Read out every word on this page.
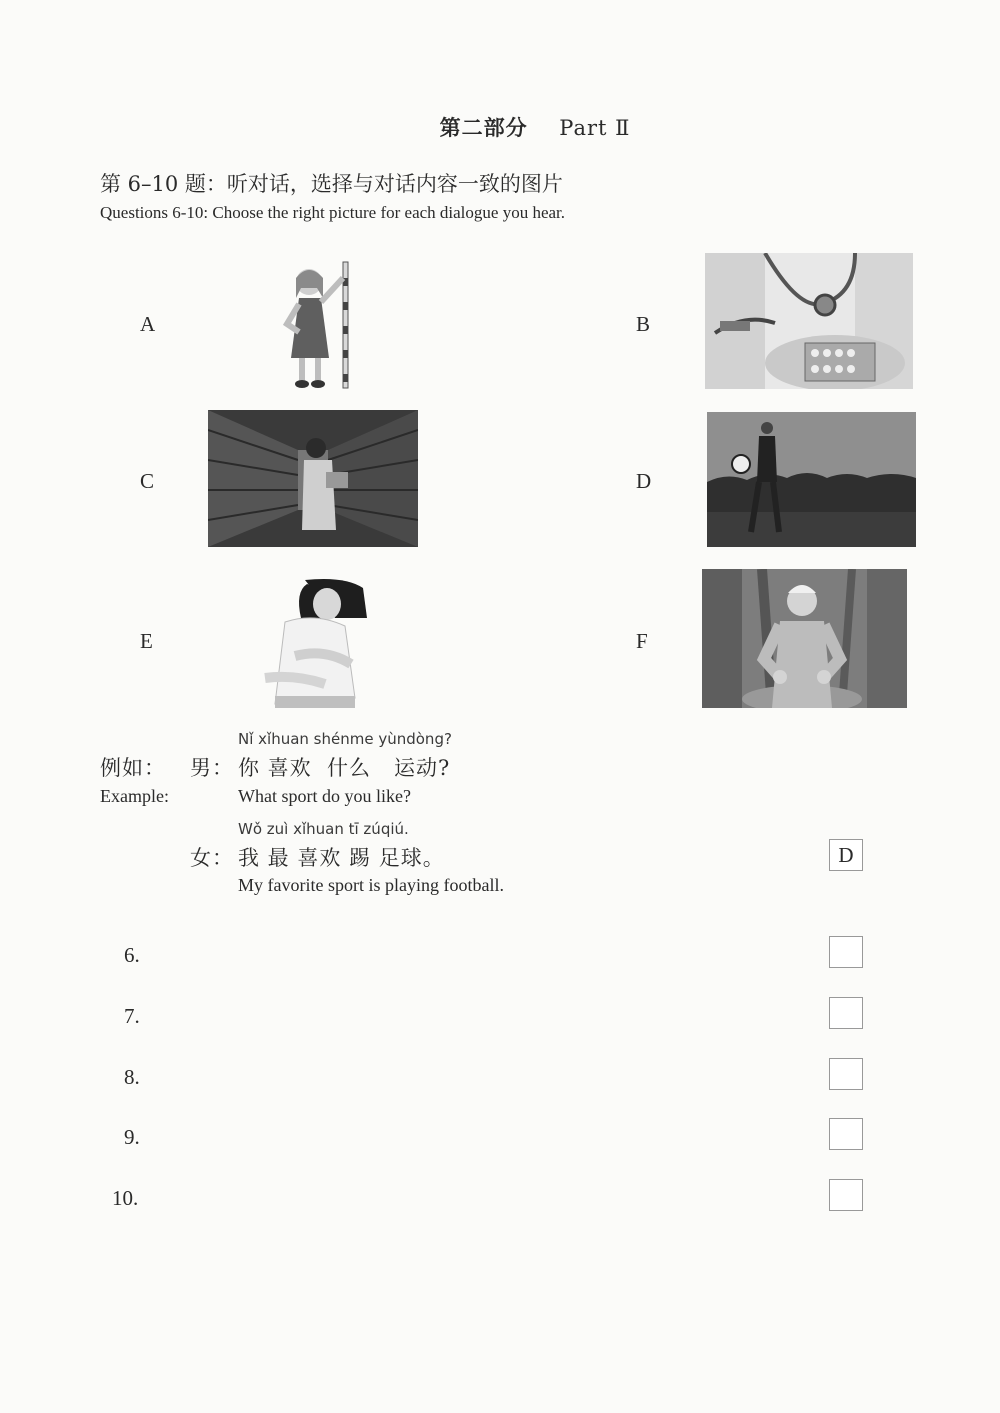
第二部分 Part Ⅱ
第 6–10 题：听对话，选择与对话内容一致的图片
Questions 6-10: Choose the right picture for each dialogue you hear.
A	B
C	D
E	F
Nǐ xǐhuan shénme yùndòng?
例如： 男： 你 喜欢  什么   运动?
Example:	What sport do you like?
Wǒ zuì xǐhuan tī zúqiú.
女： 我 最 喜欢 踢 足球。
My favorite sport is playing football.
D
6.
7.
8.
9.
10.
